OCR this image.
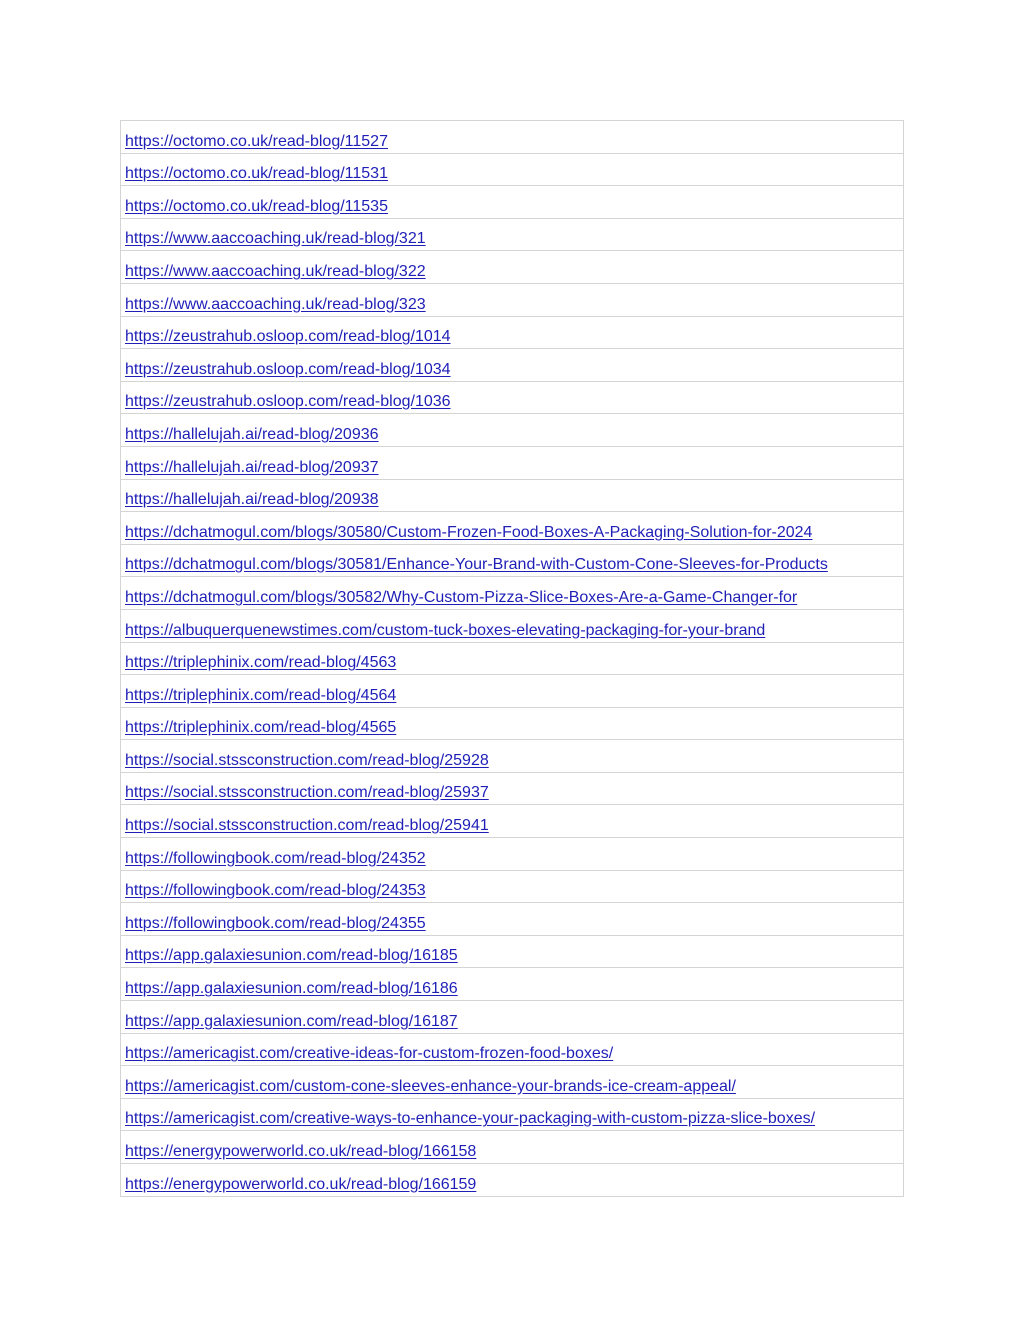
https://octomo.co.uk/read-blog/11527
https://octomo.co.uk/read-blog/11531
https://octomo.co.uk/read-blog/11535
https://www.aaccoaching.uk/read-blog/321
https://www.aaccoaching.uk/read-blog/322
https://www.aaccoaching.uk/read-blog/323
https://zeustrahub.osloop.com/read-blog/1014
https://zeustrahub.osloop.com/read-blog/1034
https://zeustrahub.osloop.com/read-blog/1036
https://hallelujah.ai/read-blog/20936
https://hallelujah.ai/read-blog/20937
https://hallelujah.ai/read-blog/20938
https://dchatmogul.com/blogs/30580/Custom-Frozen-Food-Boxes-A-Packaging-Solution-for-2024
https://dchatmogul.com/blogs/30581/Enhance-Your-Brand-with-Custom-Cone-Sleeves-for-Products
https://dchatmogul.com/blogs/30582/Why-Custom-Pizza-Slice-Boxes-Are-a-Game-Changer-for
https://albuquerquenewstimes.com/custom-tuck-boxes-elevating-packaging-for-your-brand
https://triplephinix.com/read-blog/4563
https://triplephinix.com/read-blog/4564
https://triplephinix.com/read-blog/4565
https://social.stssconstruction.com/read-blog/25928
https://social.stssconstruction.com/read-blog/25937
https://social.stssconstruction.com/read-blog/25941
https://followingbook.com/read-blog/24352
https://followingbook.com/read-blog/24353
https://followingbook.com/read-blog/24355
https://app.galaxiesunion.com/read-blog/16185
https://app.galaxiesunion.com/read-blog/16186
https://app.galaxiesunion.com/read-blog/16187
https://americagist.com/creative-ideas-for-custom-frozen-food-boxes/
https://americagist.com/custom-cone-sleeves-enhance-your-brands-ice-cream-appeal/
https://americagist.com/creative-ways-to-enhance-your-packaging-with-custom-pizza-slice-boxes/
https://energypowerworld.co.uk/read-blog/166158
https://energypowerworld.co.uk/read-blog/166159
